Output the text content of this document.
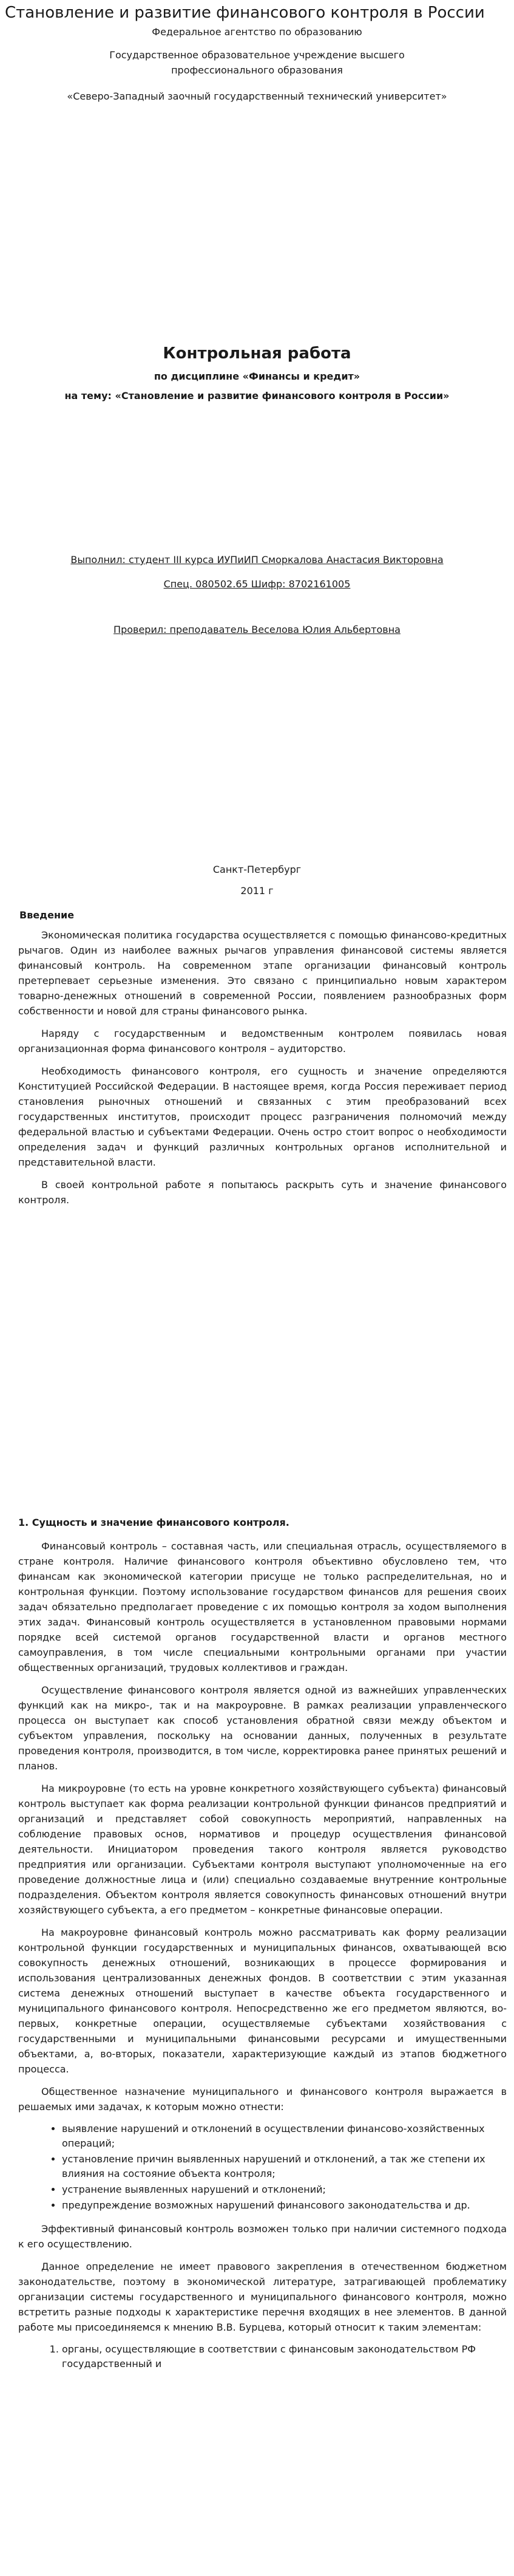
Становление и развитие финансового контроля в России
Федеральное агентство по образованию
Государственное образовательное учреждение высшего
профессионального образования
«Северо-Западный заочный государственный технический университет»
Контрольная работа
по дисциплине «Финансы и кредит»
на тему: «Становление и развитие финансового контроля в России»
Выполнил: студент III курса ИУПиИП Сморкалова Анастасия Викторовна
Спец. 080502.65 Шифр: 8702161005
Проверил: преподаватель Веселова Юлия Альбертовна
Санкт-Петербург
2011 г

Введение

Экономическая политика государства осуществляется с помощью финансово-кредитных рычагов. Один из наиболее важных рычагов управления финансовой системы является финансовый контроль. На современном этапе организации финансовый контроль претерпевает серьезные изменения. Это связано с принципиально новым характером товарно-денежных отношений в современной России, появлением разнообразных форм собственности и новой для страны финансового рынка.

Наряду с государственным и ведомственным контролем появилась новая организационная форма финансового контроля – аудиторство.

Необходимость финансового контроля, его сущность и значение определяются Конституцией Российской Федерации. В настоящее время, когда Россия переживает период становления рыночных отношений и связанных с этим преобразований всех государственных институтов, происходит процесс разграничения полномочий между федеральной властью и субъектами Федерации. Очень остро стоит вопрос о необходимости определения задач и функций различных контрольных органов исполнительной и представительной власти.

В своей контрольной работе я попытаюсь раскрыть суть и значение финансового контроля.

1. Сущность и значение финансового контроля.

Финансовый контроль – составная часть, или специальная отрасль, осуществляемого в стране контроля. Наличие финансового контроля объективно обусловлено тем, что финансам как экономической категории присуще не только распределительная, но и контрольная функции. Поэтому использование государством финансов для решения своих задач обязательно предполагает проведение с их помощью контроля за ходом выполнения этих задач. Финансовый контроль осуществляется в установленном правовыми нормами порядке всей системой органов государственной власти и органов местного самоуправления, в том числе специальными контрольными органами при участии общественных организаций, трудовых коллективов и граждан.

Осуществление финансового контроля является одной из важнейших управленческих функций как на микро-, так и на макроуровне. В рамках реализации управленческого процесса он выступает как способ установления обратной связи между объектом и субъектом управления, поскольку на основании данных, полученных в результате проведения контроля, производится, в том числе, корректировка ранее принятых решений и планов.

На микроуровне (то есть на уровне конкретного хозяйствующего субъекта) финансовый контроль выступает как форма реализации контрольной функции финансов предприятий и организаций и представляет собой совокупность мероприятий, направленных на соблюдение правовых основ, нормативов и процедур осуществления финансовой деятельности. Инициатором проведения такого контроля является руководство предприятия или организации. Субъектами контроля выступают уполномоченные на его проведение должностные лица и (или) специально создаваемые внутренние контрольные подразделения. Объектом контроля является совокупность финансовых отношений внутри хозяйствующего субъекта, а его предметом – конкретные финансовые операции.

На макроуровне финансовый контроль можно рассматривать как форму реализации контрольной функции государственных и муниципальных финансов, охватывающей всю совокупность денежных отношений, возникающих в процессе формирования и использования централизованных денежных фондов. В соответствии с этим указанная система денежных отношений выступает в качестве объекта государственного и муниципального финансового контроля. Непосредственно же его предметом являются, во-первых, конкретные операции, осуществляемые субъектами хозяйствования с государственными и муниципальными финансовыми ресурсами и имущественными объектами, а, во-вторых, показатели, характеризующие каждый из этапов бюджетного процесса.

Общественное назначение муниципального и финансового контроля выражается в решаемых ими задачах, к которым можно отнести:

• выявление нарушений и отклонений в осуществлении финансово-хозяйственных операций;
• установление причин выявленных нарушений и отклонений, а так же степени их влияния на состояние объекта контроля;
• устранение выявленных нарушений и отклонений;
• предупреждение возможных нарушений финансового законодательства и др.

Эффективный финансовый контроль возможен только при наличии системного подхода к его осуществлению.

Данное определение не имеет правового закрепления в отечественном бюджетном законодательстве, поэтому в экономической литературе, затрагивающей проблематику организации системы государственного и муниципального финансового контроля, можно встретить разные подходы к характеристике перечня входящих в нее элементов. В данной работе мы присоединяемся к мнению В.В. Бурцева, который относит к таким элементам:

1. органы, осуществляющие в соответствии с финансовым законодательством РФ государственный и
